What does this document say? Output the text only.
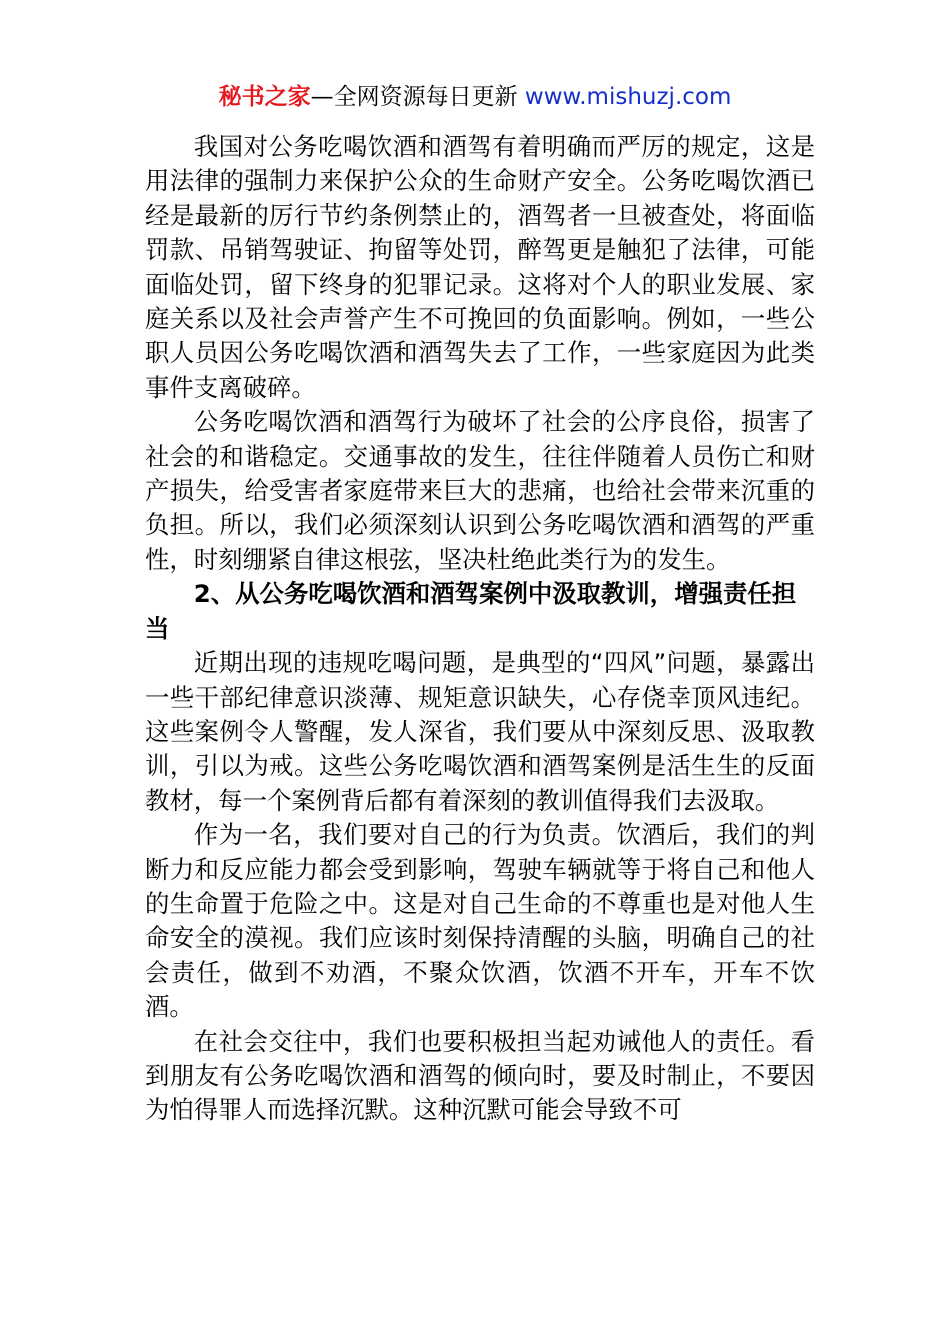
秘书之家—全网资源每日更新 www.mishuzj.com

我国对公务吃喝饮酒和酒驾有着明确而严厉的规定，这是用法律的强制力来保护公众的生命财产安全。公务吃喝饮酒已经是最新的厉行节约条例禁止的，酒驾者一旦被查处，将面临罚款、吊销驾驶证、拘留等处罚，醉驾更是触犯了法律，可能面临处罚，留下终身的犯罪记录。这将对个人的职业发展、家庭关系以及社会声誉产生不可挽回的负面影响。例如，一些公职人员因公务吃喝饮酒和酒驾失去了工作，一些家庭因为此类事件支离破碎。

公务吃喝饮酒和酒驾行为破坏了社会的公序良俗，损害了社会的和谐稳定。交通事故的发生，往往伴随着人员伤亡和财产损失，给受害者家庭带来巨大的悲痛，也给社会带来沉重的负担。所以，我们必须深刻认识到公务吃喝饮酒和酒驾的严重性，时刻绷紧自律这根弦，坚决杜绝此类行为的发生。

2、从公务吃喝饮酒和酒驾案例中汲取教训，增强责任担当

近期出现的违规吃喝问题，是典型的“四风”问题，暴露出一些干部纪律意识淡薄、规矩意识缺失，心存侥幸顶风违纪。这些案例令人警醒，发人深省，我们要从中深刻反思、汲取教训，引以为戒。这些公务吃喝饮酒和酒驾案例是活生生的反面教材，每一个案例背后都有着深刻的教训值得我们去汲取。

作为一名，我们要对自己的行为负责。饮酒后，我们的判断力和反应能力都会受到影响，驾驶车辆就等于将自己和他人的生命置于危险之中。这是对自己生命的不尊重也是对他人生命安全的漠视。我们应该时刻保持清醒的头脑，明确自己的社会责任，做到不劝酒，不聚众饮酒，饮酒不开车，开车不饮酒。

在社会交往中，我们也要积极担当起劝诫他人的责任。看到朋友有公务吃喝饮酒和酒驾的倾向时，要及时制止，不要因为怕得罪人而选择沉默。这种沉默可能会导致不可
